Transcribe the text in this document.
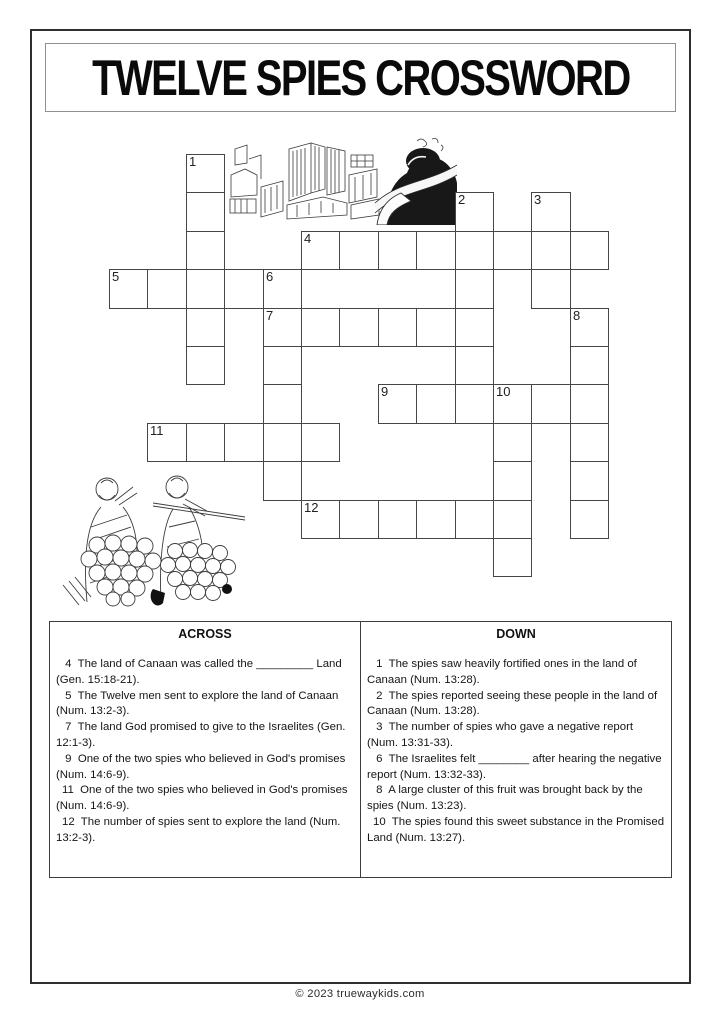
TWELVE SPIES CROSSWORD
1
2	3
4
5	6
7	8
9	10
11
12
ACROSS

4  The land of Canaan was called the _________ Land (Gen. 15:18-21).

5  The Twelve men sent to explore the land of Canaan (Num. 13:2-3).

7  The land God promised to give to the Israelites (Gen. 12:1-3).

9  One of the two spies who believed in God's promises (Num. 14:6-9).

11  One of the two spies who believed in God's promises (Num. 14:6-9).

12  The number of spies sent to explore the land (Num. 13:2-3).

DOWN

1  The spies saw heavily fortified ones in the land of Canaan (Num. 13:28).

2  The spies reported seeing these people in the land of Canaan (Num. 13:28).

3  The number of spies who gave a negative report (Num. 13:31-33).

6  The Israelites felt ________ after hearing the negative report (Num. 13:32-33).

8  A large cluster of this fruit was brought back by the spies (Num. 13:23).

10  The spies found this sweet substance in the Promised Land (Num. 13:27).

© 2023 truewaykids.com
